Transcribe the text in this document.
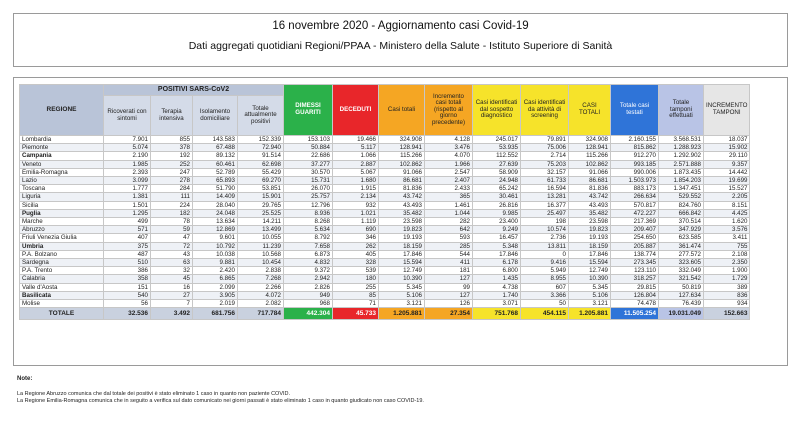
16 novembre 2020 - Aggiornamento casi Covid-19
Dati aggregati quotidiani Regioni/PPAA - Ministero della Salute - Istituto Superiore di Sanità
REGIONE	POSITIVI SARS-CoV2				DIMESSI GUARITI	DECEDUTI	Casi totali	Incremento casi totali (rispetto al giorno precedente)	Casi identificati dal sospetto diagnostico	Casi identificati da attività di screening	CASI TOTALI	Totale casi testati	Totale tamponi effettuati	INCREMENTO TAMPONI
	Ricoverati con sintomi	Terapia intensiva	Isolamento domiciliare	Totale attualmente positivi										
Lombardia	7.901	855	143.583	152.339	153.103	19.466	324.908	4.128	245.017	79.891	324.908	2.160.155	3.568.531	18.037
Piemonte	5.074	378	67.488	72.940	50.884	5.117	128.941	3.476	53.935	75.006	128.941	815.862	1.288.923	15.902
Campania	2.190	192	89.132	91.514	22.686	1.066	115.266	4.070	112.552	2.714	115.266	912.270	1.292.902	29.110
Veneto	1.985	252	60.461	62.698	37.277	2.887	102.862	1.966	27.639	75.203	102.862	993.185	2.571.888	9.357
Emilia-Romagna	2.393	247	52.789	55.429	30.570	5.067	91.066	2.547	58.909	32.157	91.066	990.006	1.873.435	14.442
Lazio	3.099	278	65.893	69.270	15.731	1.680	86.681	2.407	24.948	61.733	86.681	1.503.973	1.854.203	19.699
Toscana	1.777	284	51.790	53.851	26.070	1.915	81.836	2.433	65.242	16.594	81.836	883.173	1.347.451	15.527
Liguria	1.381	111	14.409	15.901	25.757	2.134	43.742	365	30.461	13.281	43.742	266.634	529.552	2.205
Sicilia	1.501	224	28.040	29.765	12.796	932	43.493	1.461	26.816	16.377	43.493	570.817	824.760	8.151
Puglia	1.295	182	24.048	25.525	8.936	1.021	35.482	1.044	9.985	25.497	35.482	472.227	666.842	4.425
Marche	499	78	13.634	14.211	8.268	1.119	23.598	282	23.400	198	23.598	217.369	370.514	1.620
Abruzzo	571	59	12.869	13.499	5.634	690	19.823	642	9.249	10.574	19.823	209.407	347.929	3.576
Friuli Venezia Giulia	407	47	9.601	10.055	8.792	346	19.193	593	16.457	2.736	19.193	254.650	623.585	3.411
Umbria	375	72	10.792	11.239	7.658	262	18.159	285	5.348	13.811	18.159	205.887	361.474	755
P.A. Bolzano	487	43	10.038	10.568	6.873	405	17.846	544	17.846	0	17.846	138.774	277.572	2.108
Sardegna	510	63	9.881	10.454	4.832	328	15.594	411	6.178	9.416	15.594	273.345	323.605	2.350
P.A. Trento	386	32	2.420	2.838	9.372	539	12.749	181	6.800	5.949	12.749	123.110	332.049	1.900
Calabria	358	45	6.865	7.268	2.942	180	10.390	127	1.435	8.955	10.390	318.257	321.542	1.729
Valle d'Aosta	151	16	2.099	2.266	2.826	255	5.345	99	4.738	607	5.345	29.815	50.819	389
Basilicata	540	27	3.905	4.072	949	85	5.106	127	1.740	3.366	5.106	126.804	127.634	836
Molise	56	7	2.019	2.082	968	71	3.121	126	3.071	50	3.121	74.478	76.439	934
TOTALE	32.536	3.492	681.756	717.784	442.304	45.733	1.205.881	27.354	751.768	454.115	1.205.881	11.505.254	19.031.049	152.663
Note:
La Regione Abruzzo comunica che dal totale dei positivi è stato eliminato 1 caso in quanto non paziente COVID.
La Regione Emilia-Romagna comunica che in seguito a verifica sul dato comunicato nei giorni passati è stato eliminato 1 caso in quanto giudicato non caso COVID-19.
